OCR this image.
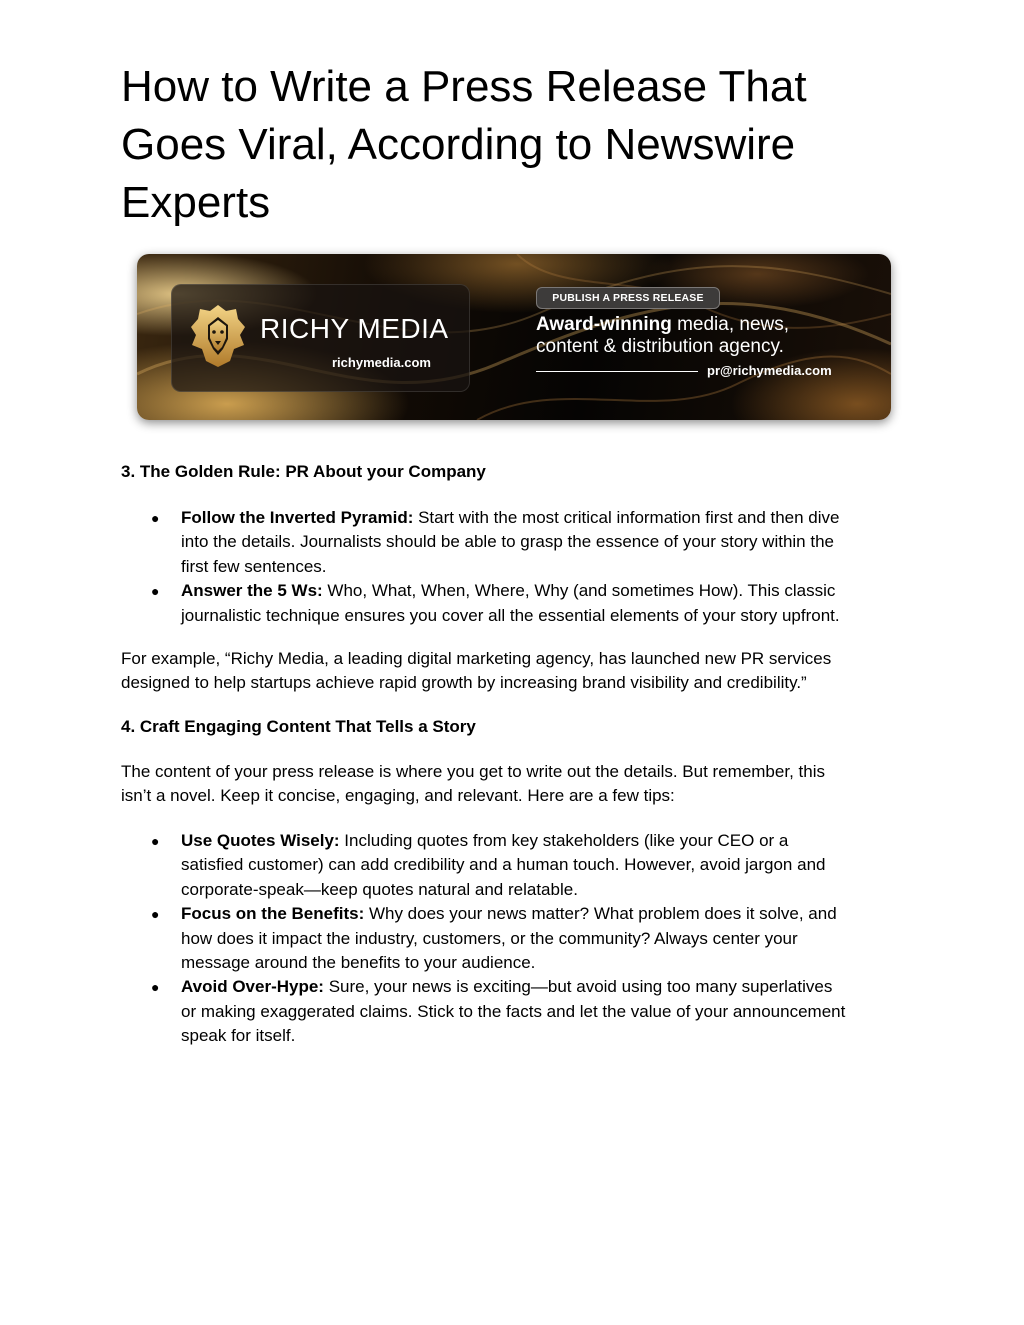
How to Write a Press Release That
Goes Viral, According to Newswire
Experts
RICHY MEDIA
richymedia.com
PUBLISH A PRESS RELEASE
Award-winning media, news,
content & distribution agency.
pr@richymedia.com
3. The Golden Rule: PR About your Company
● Follow the Inverted Pyramid: Start with the most critical information first and then dive
into the details. Journalists should be able to grasp the essence of your story within the
first few sentences.
● Answer the 5 Ws: Who, What, When, Where, Why (and sometimes How). This classic
journalistic technique ensures you cover all the essential elements of your story upfront.

For example, “Richy Media, a leading digital marketing agency, has launched new PR services
designed to help startups achieve rapid growth by increasing brand visibility and credibility.”

4. Craft Engaging Content That Tells a Story

The content of your press release is where you get to write out the details. But remember, this
isn’t a novel. Keep it concise, engaging, and relevant. Here are a few tips:

● Use Quotes Wisely: Including quotes from key stakeholders (like your CEO or a
satisfied customer) can add credibility and a human touch. However, avoid jargon and
corporate-speak—keep quotes natural and relatable.
● Focus on the Benefits: Why does your news matter? What problem does it solve, and
how does it impact the industry, customers, or the community? Always center your
message around the benefits to your audience.
● Avoid Over-Hype: Sure, your news is exciting—but avoid using too many superlatives
or making exaggerated claims. Stick to the facts and let the value of your announcement
speak for itself.
